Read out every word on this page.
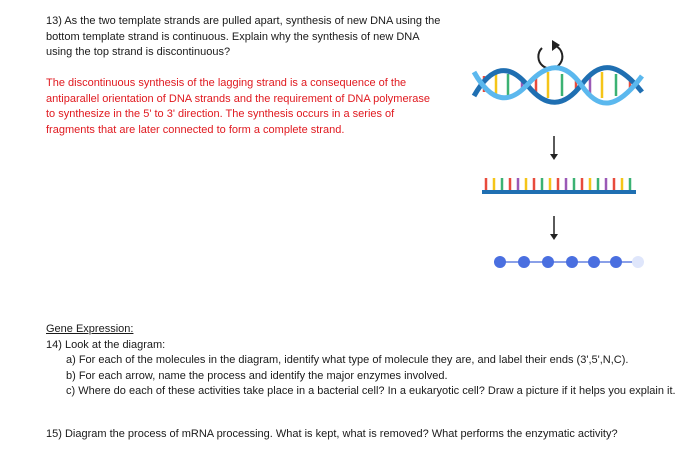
13) As the two template strands are pulled apart, synthesis of new DNA using the bottom template strand is continuous. Explain why the synthesis of new DNA using the top strand is discontinuous?
The discontinuous synthesis of the lagging strand is a consequence of the antiparallel orientation of DNA strands and the requirement of DNA polymerase to synthesize in the 5' to 3' direction. The synthesis occurs in a series of fragments that are later connected to form a complete strand.
Gene Expression:
14) Look at the diagram:
a) For each of the molecules in the diagram, identify what type of molecule they are, and label their ends (3',5',N,C).
b) For each arrow, name the process and identify the major enzymes involved.
c) Where do each of these activities take place in a bacterial cell? In a eukaryotic cell? Draw a picture if it helps you explain it.
15) Diagram the process of mRNA processing. What is kept, what is removed? What performs the enzymatic activity?
